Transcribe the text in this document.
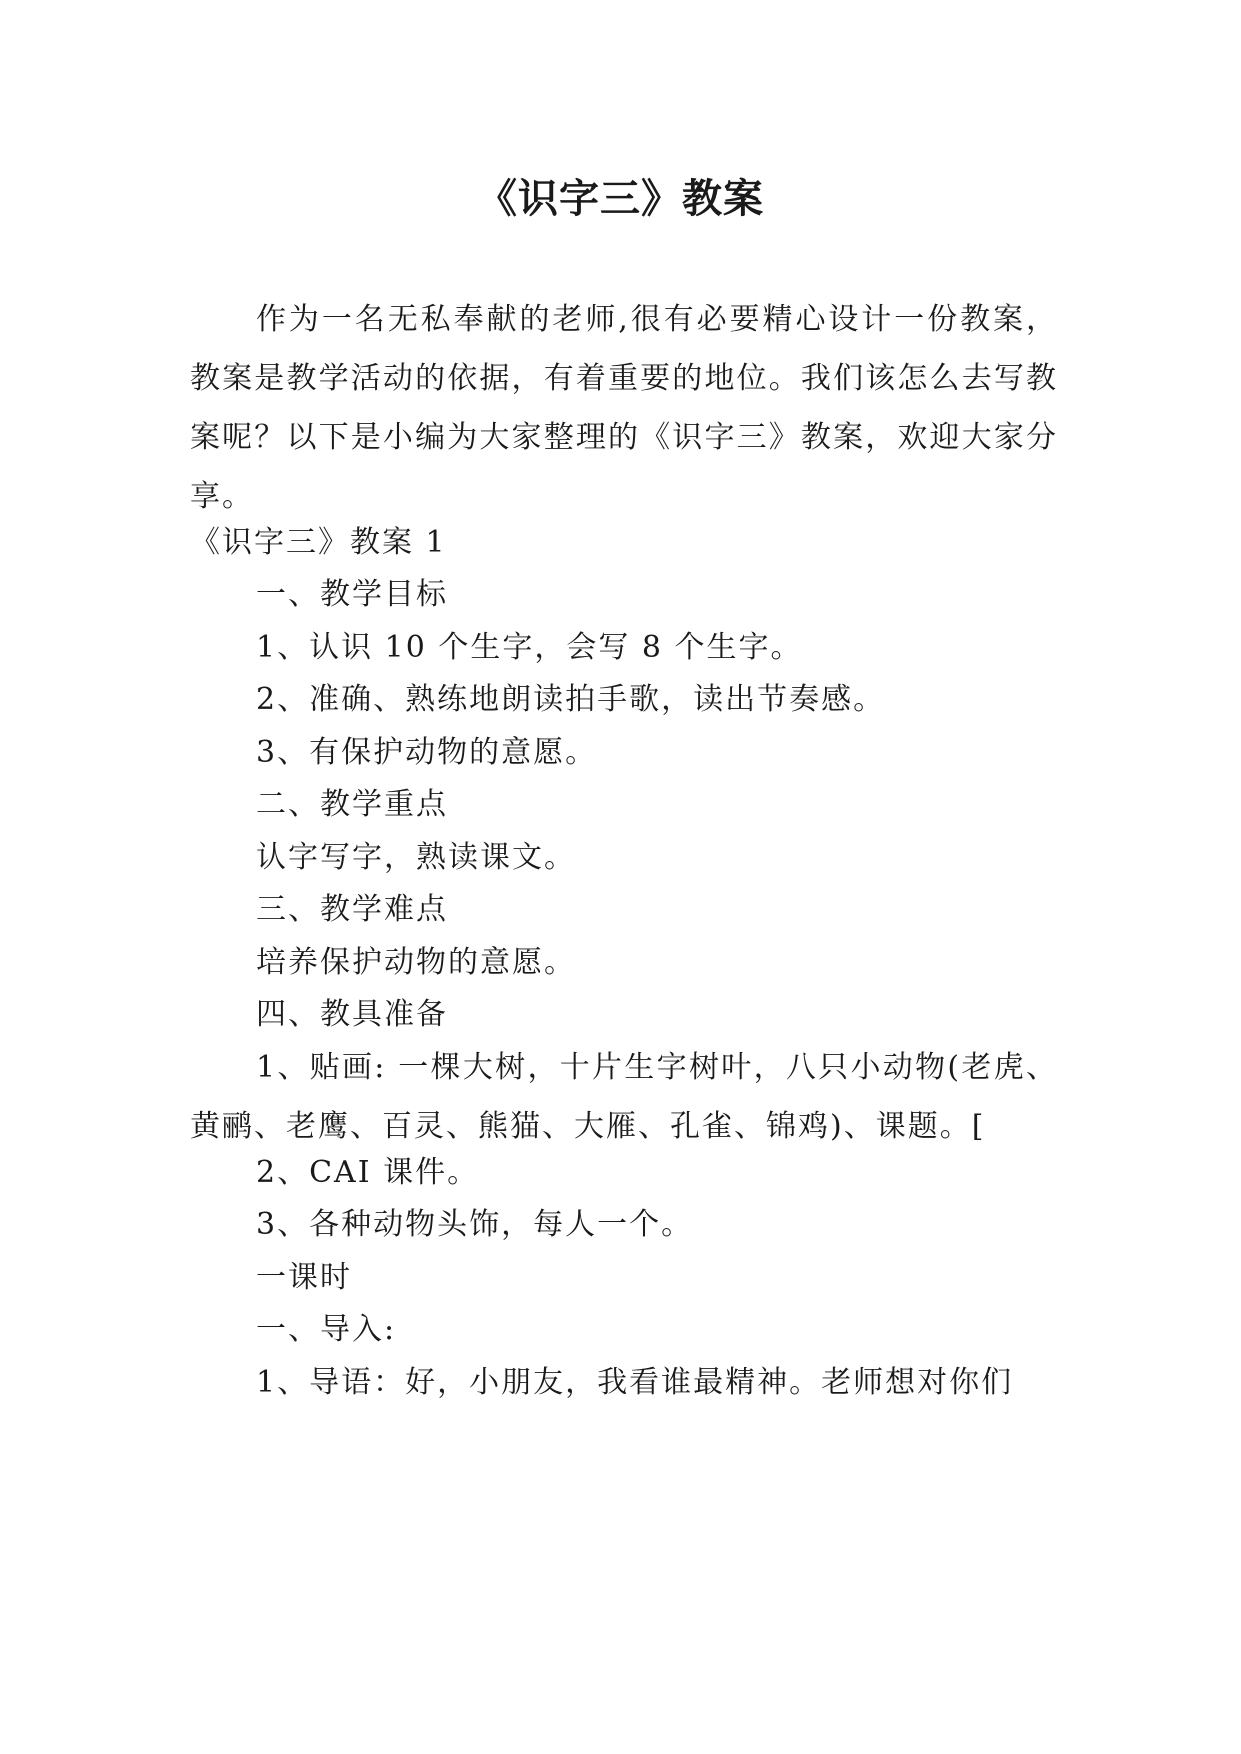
《识字三》教案

作为一名无私奉献的老师,很有必要精心设计一份教案，教案是教学活动的依据，有着重要的地位。我们该怎么去写教案呢？以下是小编为大家整理的《识字三》教案，欢迎大家分享。

《识字三》教案 1

一、教学目标

1、认识 10 个生字，会写 8 个生字。

2、准确、熟练地朗读拍手歌，读出节奏感。

3、有保护动物的意愿。

二、教学重点

认字写字，熟读课文。

三、教学难点

培养保护动物的意愿。

四、教具准备

1、贴画: 一棵大树，十片生字树叶，八只小动物(老虎、黄鹂、老鹰、百灵、熊猫、大雁、孔雀、锦鸡)、课题。[

2、CAI 课件。

3、各种动物头饰，每人一个。

一课时

一、导入:

1、导语：好，小朋友，我看谁最精神。老师想对你们
